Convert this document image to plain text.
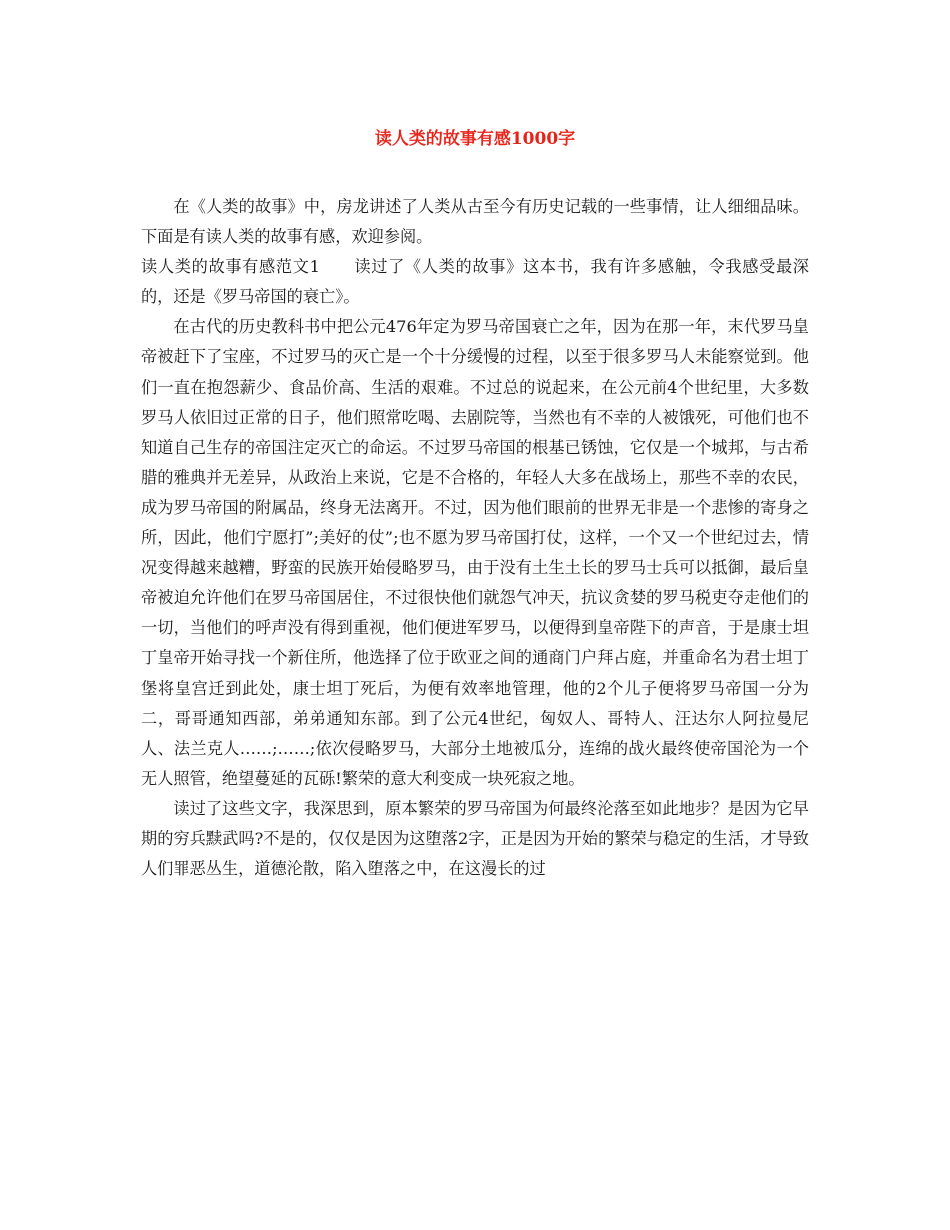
读人类的故事有感1000字

在《人类的故事》中，房龙讲述了人类从古至今有历史记载的一些事情，让人细细品味。下面是有读人类的故事有感，欢迎参阅。

读人类的故事有感范文1　　读过了《人类的故事》这本书，我有许多感触，令我感受最深的，还是《罗马帝国的衰亡》。

在古代的历史教科书中把公元476年定为罗马帝国衰亡之年，因为在那一年，末代罗马皇帝被赶下了宝座，不过罗马的灭亡是一个十分缓慢的过程，以至于很多罗马人未能察觉到。他们一直在抱怨薪少、食品价高、生活的艰难。不过总的说起来，在公元前4个世纪里，大多数罗马人依旧过正常的日子，他们照常吃喝、去剧院等，当然也有不幸的人被饿死，可他们也不知道自己生存的帝国注定灭亡的命运。不过罗马帝国的根基已锈蚀，它仅是一个城邦，与古希腊的雅典并无差异，从政治上来说，它是不合格的，年轻人大多在战场上，那些不幸的农民，成为罗马帝国的附属品，终身无法离开。不过，因为他们眼前的世界无非是一个悲惨的寄身之所，因此，他们宁愿打”;美好的仗”;也不愿为罗马帝国打仗，这样，一个又一个世纪过去，情况变得越来越糟，野蛮的民族开始侵略罗马，由于没有土生土长的罗马士兵可以抵御，最后皇帝被迫允许他们在罗马帝国居住，不过很快他们就怨气冲天，抗议贪婪的罗马税吏夺走他们的一切，当他们的呼声没有得到重视，他们便进军罗马，以便得到皇帝陛下的声音，于是康士坦丁皇帝开始寻找一个新住所，他选择了位于欧亚之间的通商门户拜占庭，并重命名为君士坦丁堡将皇宫迁到此处，康士坦丁死后，为便有效率地管理，他的2个儿子便将罗马帝国一分为二，哥哥通知西部，弟弟通知东部。到了公元4世纪，匈奴人、哥特人、汪达尔人阿拉曼尼人、法兰克人……;……;依次侵略罗马，大部分土地被瓜分，连绵的战火最终使帝国沦为一个无人照管，绝望蔓延的瓦砾!繁荣的意大利变成一块死寂之地。

读过了这些文字，我深思到，原本繁荣的罗马帝国为何最终沦落至如此地步？是因为它早期的穷兵黩武吗?不是的，仅仅是因为这堕落2字，正是因为开始的繁荣与稳定的生活，才导致人们罪恶丛生，道德沦散，陷入堕落之中，在这漫长的过
